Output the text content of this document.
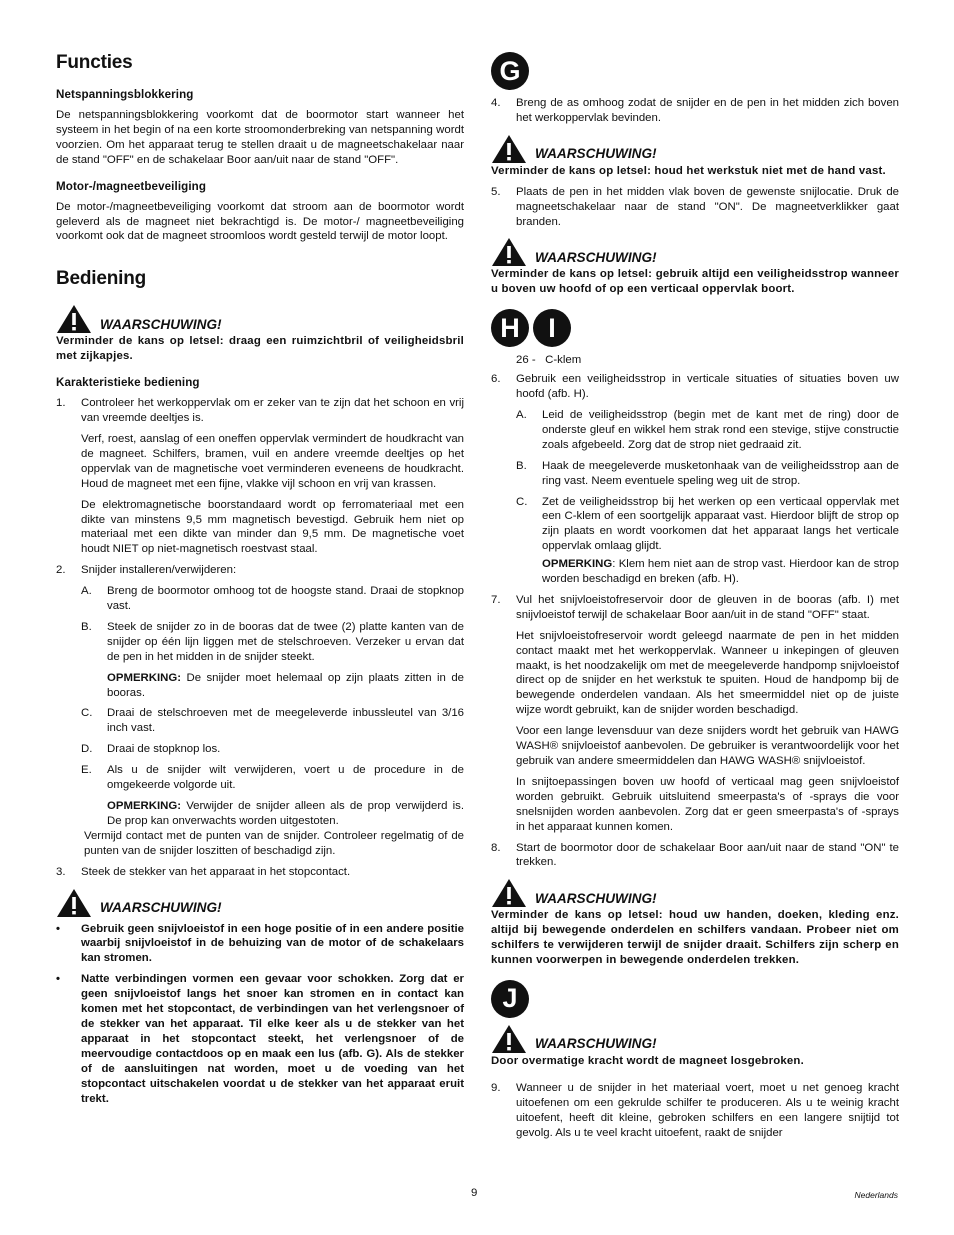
Functies
Netspanningsblokkering

De netspanningsblokkering voorkomt dat de boormotor start wanneer het systeem in het begin of na een korte stroomonderbreking van netspanning wordt voorzien. Om het apparaat terug te stellen draait u de magneetschakelaar naar de stand "OFF" en de schakelaar Boor aan/uit naar de stand "OFF".

Motor-/magneetbeveiliging

De motor-/magneetbeveiliging voorkomt dat stroom aan de boormotor wordt geleverd als de magneet niet bekrachtigd is. De motor-/ magneetbeveiliging voorkomt ook dat de magneet stroomloos wordt gesteld terwijl de motor loopt.

Bediening
WAARSCHUWING!

Verminder de kans op letsel: draag een ruimzichtbril of veiligheidsbril met zijkapjes.

Karakteristieke bediening
1.	Controleer het werkoppervlak om er zeker van te zijn dat het schoon en vrij van vreemde deeltjes is.

Verf, roest, aanslag of een oneffen oppervlak vermindert de houdkracht van de magneet. Schilfers, bramen, vuil en andere vreemde deeltjes op het oppervlak van de magnetische voet verminderen eveneens de houdkracht. Houd de magneet met een fijne, vlakke vijl schoon en vrij van krassen.

De elektromagnetische boorstandaard wordt op ferromateriaal met een dikte van minstens 9,5 mm magnetisch bevestigd. Gebruik hem niet op materiaal met een dikte van minder dan 9,5 mm. De magnetische voet houdt NIET op niet-magnetisch roestvast staal.

2.	Snijder installeren/verwijderen:
A.	Breng de boormotor omhoog tot de hoogste stand. Draai de stopknop vast.
B.	Steek de snijder zo in de booras dat de twee (2) platte kanten van de snijder op één lijn liggen met de stelschroeven. Verzeker u ervan dat de pen in het midden in de snijder steekt.

OPMERKING: De snijder moet helemaal op zijn plaats zitten in de booras.

C.	Draai de stelschroeven met de meegeleverde inbussleutel van 3/16 inch vast.
D.	Draai de stopknop los.
E.	Als u de snijder wilt verwijderen, voert u de procedure in de omgekeerde volgorde uit.

OPMERKING: Verwijder de snijder alleen als de prop verwijderd is. De prop kan onverwachts worden uitgestoten.

Vermijd contact met de punten van de snijder. Controleer regelmatig of de punten van de snijder loszitten of beschadigd zijn.

3.	Steek de stekker van het apparaat in het stopcontact.
WAARSCHUWING!
•	Gebruik geen snijvloeistof in een hoge positie of in een andere positie waarbij snijvloeistof in de behuizing van de motor of de schakelaars kan stromen.
•	Natte verbindingen vormen een gevaar voor schokken. Zorg dat er geen snijvloeistof langs het snoer kan stromen en in contact kan komen met het stopcontact, de verbindingen van het verlengsnoer of de stekker van het apparaat. Til elke keer als u de stekker van het apparaat in het stopcontact steekt, het verlengsnoer of de meervoudige contactdoos op en maak een lus (afb. G). Als de stekker of de aansluitingen nat worden, moet u de voeding van het stopcontact uitschakelen voordat u de stekker van het apparaat eruit trekt.
G
4.	Breng de as omhoog zodat de snijder en de pen in het midden zich boven het werkoppervlak bevinden.
WAARSCHUWING!

Verminder de kans op letsel: houd het werkstuk niet met de hand vast.

5.	Plaats de pen in het midden vlak boven de gewenste snijlocatie. Druk de magneetschakelaar naar de stand "ON". De magneetverklikker gaat branden.
WAARSCHUWING!

Verminder de kans op letsel: gebruik altijd een veiligheidsstrop wanneer u boven uw hoofd of op een verticaal oppervlak boort.

H	I
26 - C-klem
6.	Gebruik een veiligheidsstrop in verticale situaties of situaties boven uw hoofd (afb. H).
A.	Leid de veiligheidsstrop (begin met de kant met de ring) door de onderste gleuf en wikkel hem strak rond een stevige, stijve constructie zoals afgebeeld. Zorg dat de strop niet gedraaid zit.
B.	Haak de meegeleverde musketonhaak van de veiligheidsstrop aan de ring vast. Neem eventuele speling weg uit de strop.
C.	Zet de veiligheidsstrop bij het werken op een verticaal oppervlak met een C-klem of een soortgelijk apparaat vast. Hierdoor blijft de strop op zijn plaats en wordt voorkomen dat het apparaat langs het verticale oppervlak omlaag glijdt.

OPMERKING: Klem hem niet aan de strop vast. Hierdoor kan de strop worden beschadigd en breken (afb. H).

7.	Vul het snijvloeistofreservoir door de gleuven in de booras (afb. I) met snijvloeistof terwijl de schakelaar Boor aan/uit in de stand "OFF" staat.

Het snijvloeistofreservoir wordt geleegd naarmate de pen in het midden contact maakt met het werkoppervlak. Wanneer u inkepingen of gleuven maakt, is het noodzakelijk om met de meegeleverde handpomp snijvloeistof direct op de snijder en het werkstuk te spuiten. Houd de handpomp bij de bewegende onderdelen vandaan. Als het smeermiddel niet op de juiste wijze wordt gebruikt, kan de snijder worden beschadigd.

Voor een lange levensduur van deze snijders wordt het gebruik van HAWG WASH® snijvloeistof aanbevolen. De gebruiker is verantwoordelijk voor het gebruik van andere smeermiddelen dan HAWG WASH® snijvloeistof.

In snijtoepassingen boven uw hoofd of verticaal mag geen snijvloeistof worden gebruikt. Gebruik uitsluitend smeerpasta's of -sprays die voor snelsnijden worden aanbevolen. Zorg dat er geen smeerpasta's of -sprays in het apparaat kunnen komen.

8.	Start de boormotor door de schakelaar Boor aan/uit naar de stand "ON" te trekken.
WAARSCHUWING!

Verminder de kans op letsel: houd uw handen, doeken, kleding enz. altijd bij bewegende onderdelen en schilfers vandaan. Probeer niet om schilfers te verwijderen terwijl de snijder draait. Schilfers zijn scherp en kunnen voorwerpen in bewegende onderdelen trekken.

J
WAARSCHUWING!

Door overmatige kracht wordt de magneet losgebroken.

9.	Wanneer u de snijder in het materiaal voert, moet u net genoeg kracht uitoefenen om een gekrulde schilfer te produceren. Als u te weinig kracht uitoefent, heeft dit kleine, gebroken schilfers en een langere snijtijd tot gevolg. Als u te veel kracht uitoefent, raakt de snijder
9	Nederlands
